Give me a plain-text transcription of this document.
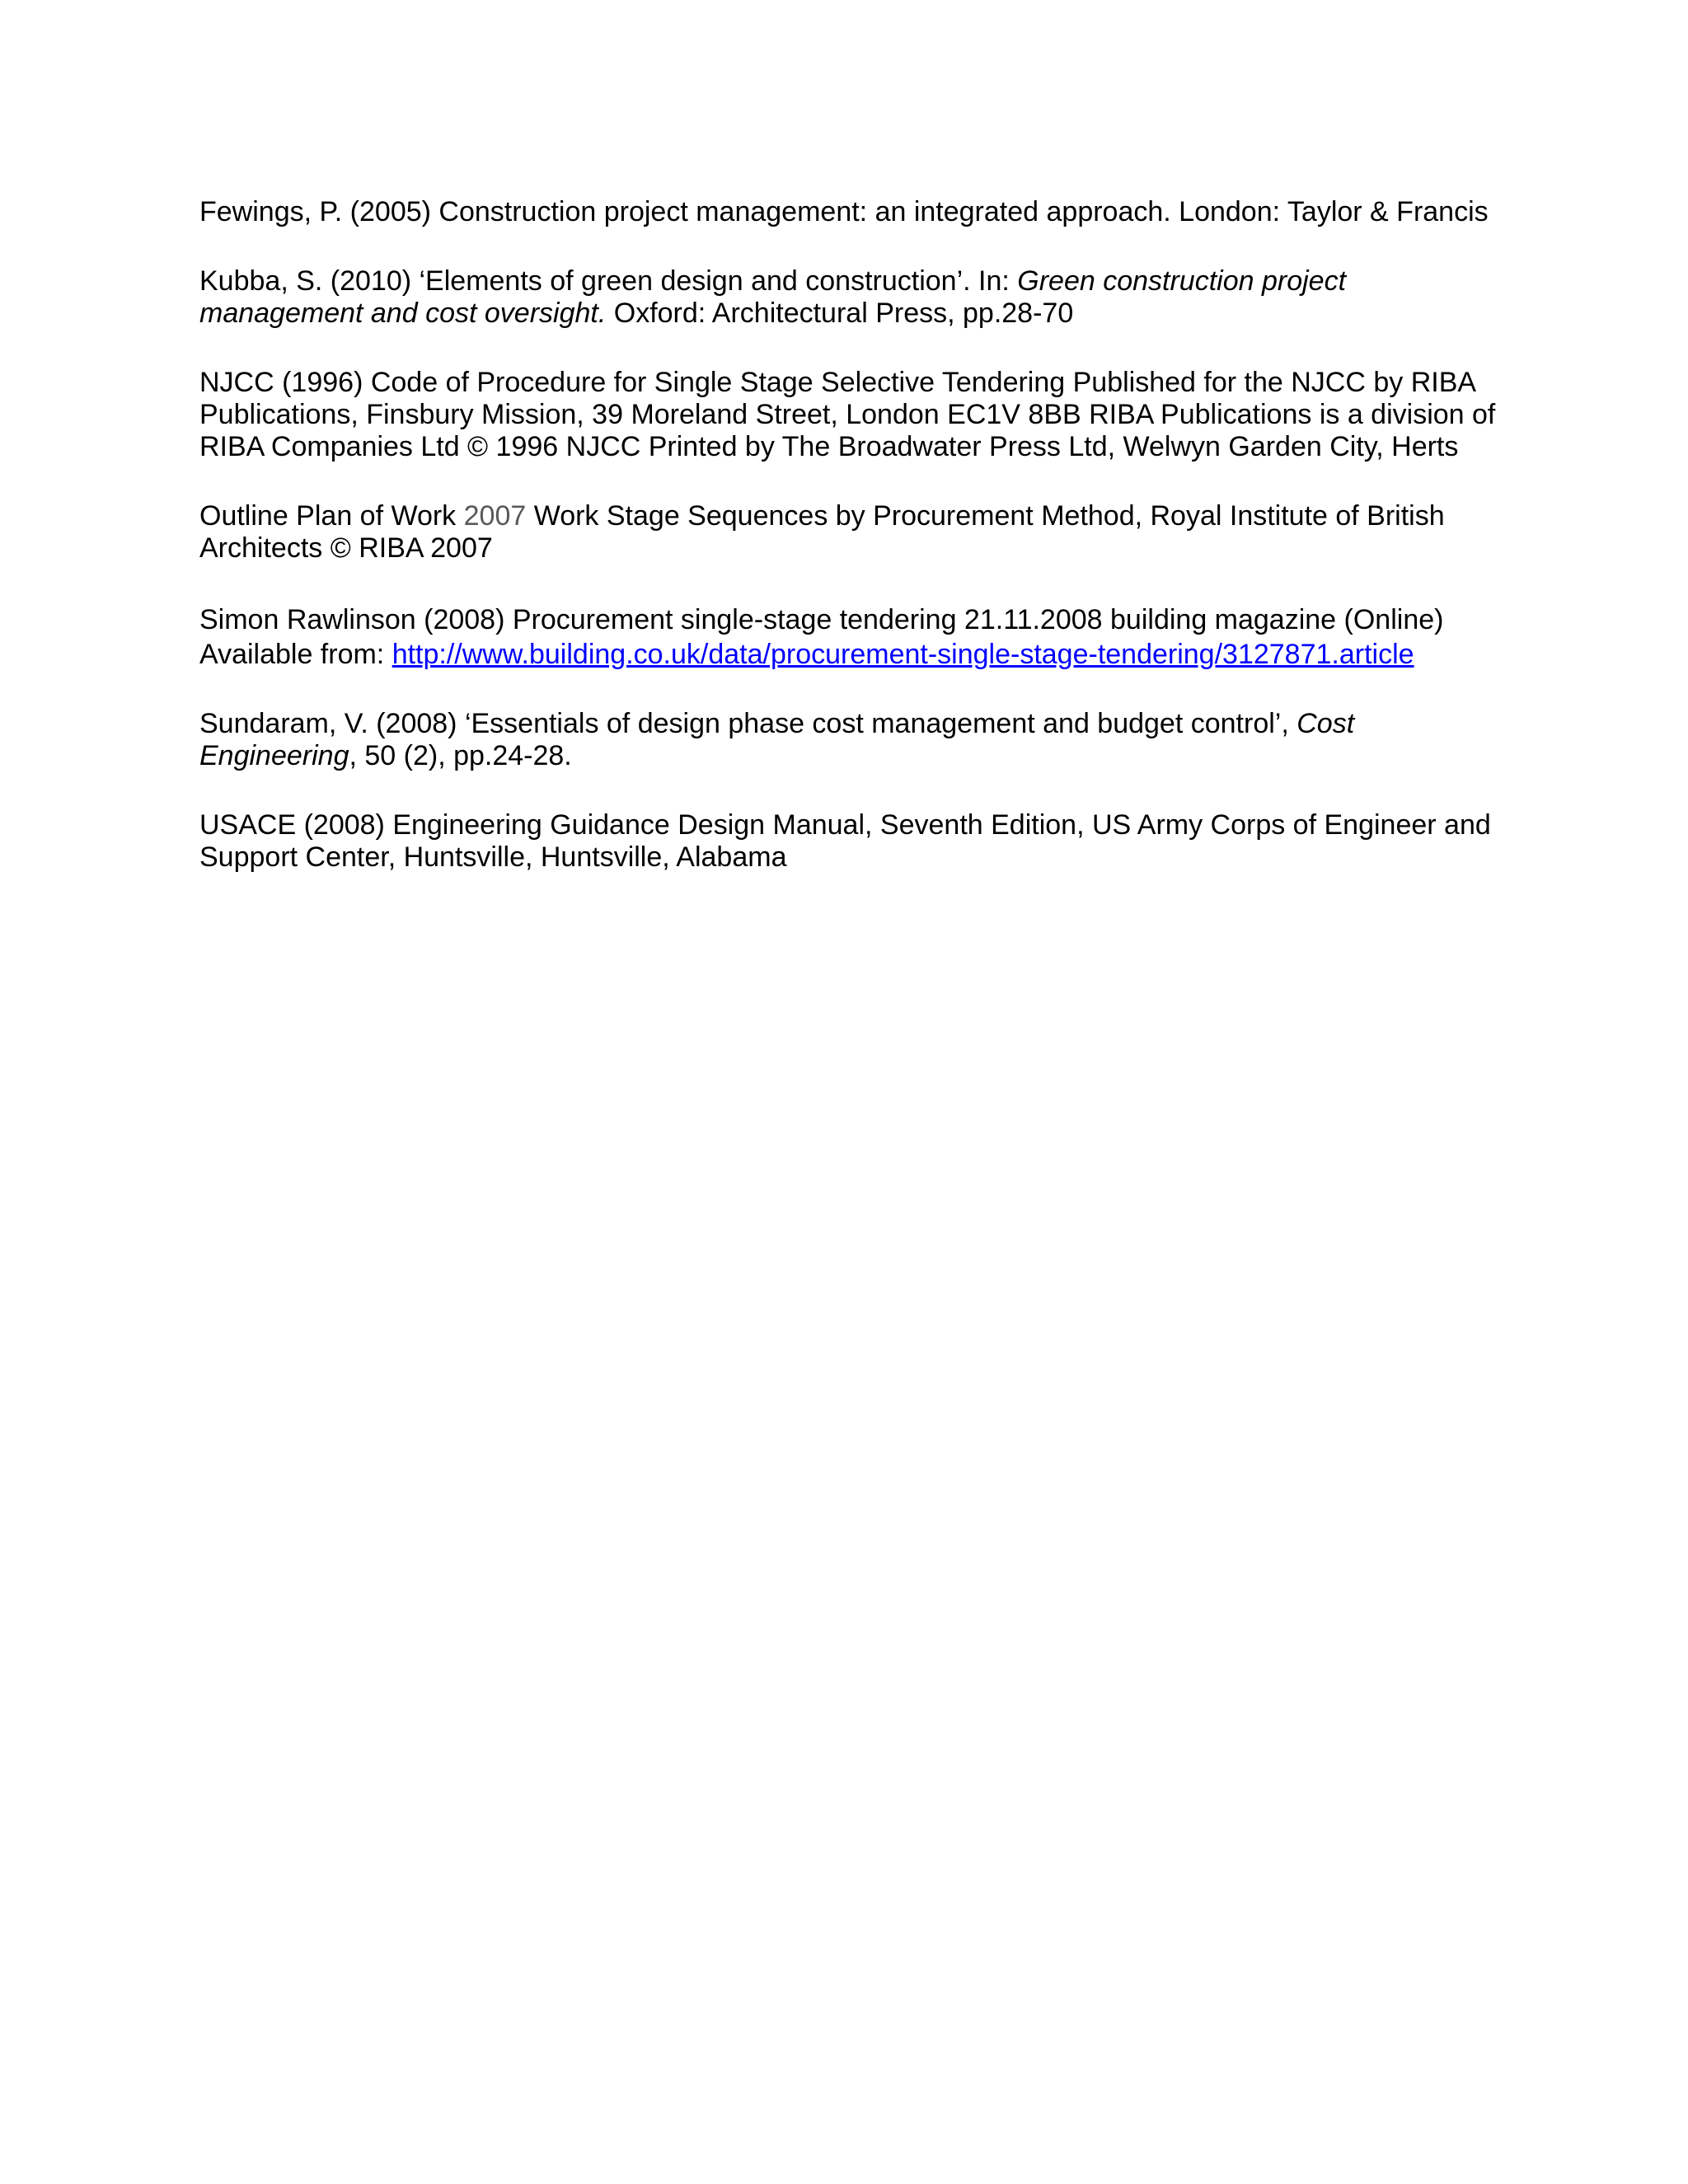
Fewings, P. (2005) Construction project management: an integrated approach. London: Taylor & Francis

Kubba, S. (2010) ‘Elements of green design and construction’. In: Green construction project
management and cost oversight. Oxford: Architectural Press, pp.28-70

NJCC (1996) Code of Procedure for Single Stage Selective Tendering Published for the NJCC by RIBA
Publications, Finsbury Mission, 39 Moreland Street, London EC1V 8BB RIBA Publications is a division of
RIBA Companies Ltd © 1996 NJCC Printed by The Broadwater Press Ltd, Welwyn Garden City, Herts

Outline Plan of Work 2007 Work Stage Sequences by Procurement Method, Royal Institute of British
Architects © RIBA 2007

Simon Rawlinson (2008) Procurement single-stage tendering 21.11.2008 building magazine (Online)
Available from: http://www.building.co.uk/data/procurement-single-stage-tendering/3127871.article

Sundaram, V. (2008) ‘Essentials of design phase cost management and budget control’, Cost
Engineering, 50 (2), pp.24-28.

USACE (2008) Engineering Guidance Design Manual, Seventh Edition, US Army Corps of Engineer and
Support Center, Huntsville, Huntsville, Alabama
